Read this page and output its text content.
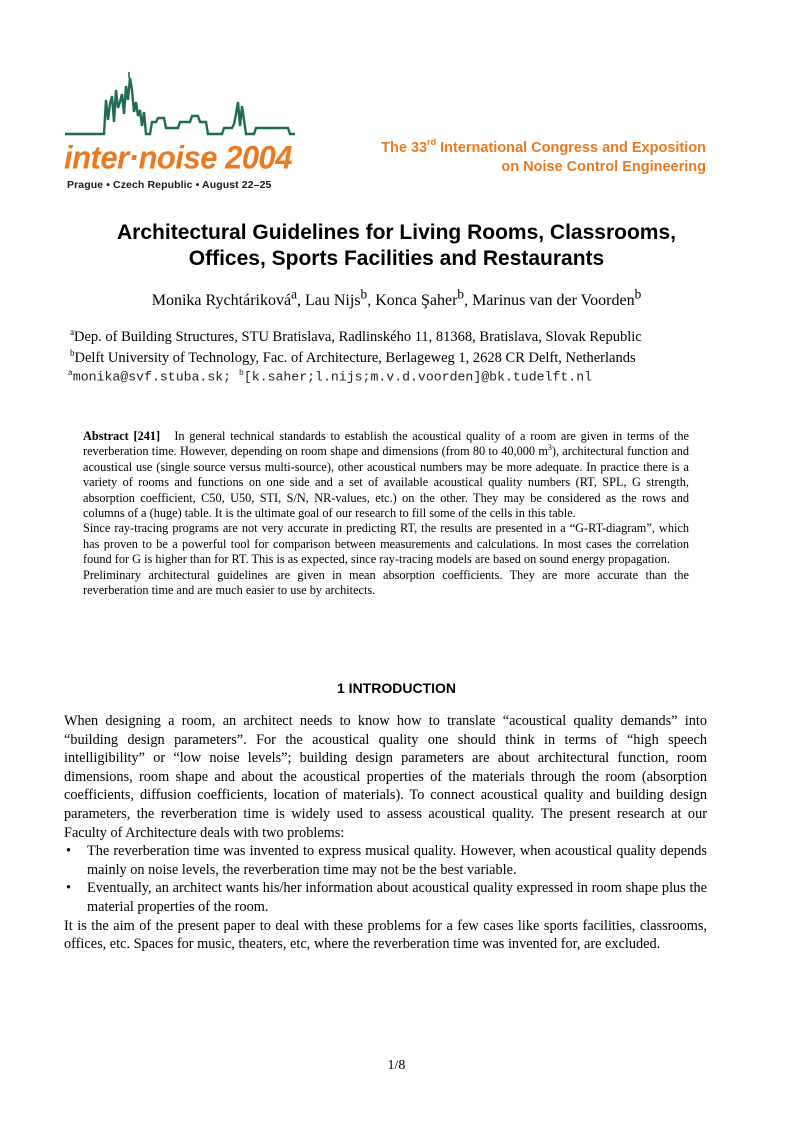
inter·noise 2004
Prague • Czech Republic • August 22–25
The 33rd International Congress and Exposition
on Noise Control Engineering
Architectural Guidelines for Living Rooms, Classrooms,
Offices, Sports Facilities and Restaurants
Monika Rychtáriková$^a$, Lau Nijs$^b$, Konca Şaher$^b$, Marinus van der Voorden$^b$
$^a$Dep. of Building Structures, STU Bratislava, Radlinského 11, 81368, Bratislava, Slovak Republic
$^b$Delft University of Technology, Fac. of Architecture, Berlageweg 1, 2628 CR Delft, Netherlands
$^a$monika@svf.stuba.sk; $^b$[k.saher;l.nijs;m.v.d.voorden]@bk.tudelft.nl

Abstract [241] In general technical standards to establish the acoustical quality of a room are given in terms of the reverberation time. However, depending on room shape and dimensions (from 80 to 40,000 $m^3$), architectural function and acoustical use (single source versus multi-source), other acoustical numbers may be more adequate. In practice there is a variety of rooms and functions on one side and a set of available acoustical quality numbers (RT, SPL, G strength, absorption coefficient, C50, U50, STI, S/N, NR-values, etc.) on the other. They may be considered as the rows and columns of a (huge) table. It is the ultimate goal of our research to fill some of the cells in this table.

Since ray-tracing programs are not very accurate in predicting RT, the results are presented in a “G-RT-diagram”, which has proven to be a powerful tool for comparison between measurements and calculations. In most cases the correlation found for G is higher than for RT. This is as expected, since ray-tracing models are based on sound energy propagation.

Preliminary architectural guidelines are given in mean absorption coefficients. They are more accurate than the reverberation time and are much easier to use by architects.

1 INTRODUCTION

When designing a room, an architect needs to know how to translate “acoustical quality demands” into “building design parameters”. For the acoustical quality one should think in terms of “high speech intelligibility” or “low noise levels”; building design parameters are about architectural function, room dimensions, room shape and about the acoustical properties of the materials through the room (absorption coefficients, diffusion coefficients, location of materials). To connect acoustical quality and building design parameters, the reverberation time is widely used to assess acoustical quality. The present research at our Faculty of Architecture deals with two problems:

• The reverberation time was invented to express musical quality. However, when acoustical quality depends mainly on noise levels, the reverberation time may not be the best variable.
• Eventually, an architect wants his/her information about acoustical quality expressed in room shape plus the material properties of the room.

It is the aim of the present paper to deal with these problems for a few cases like sports facilities, classrooms, offices, etc. Spaces for music, theaters, etc, where the reverberation time was invented for, are excluded.

1/8
